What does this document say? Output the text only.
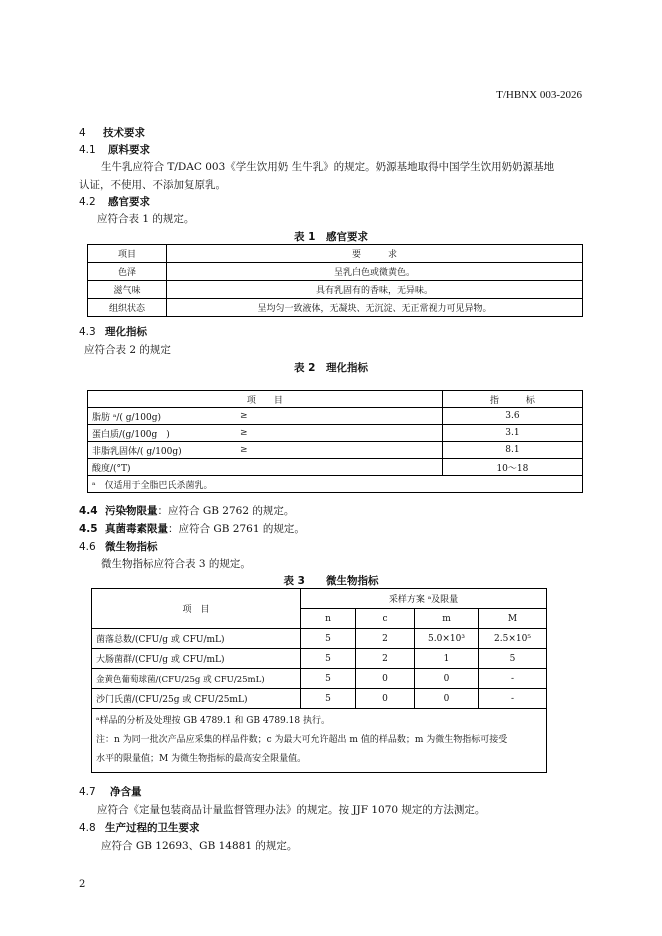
T/HBNX 003-2026
4 技术要求
4.1 原料要求
生牛乳应符合 T/DAC 003《学生饮用奶 生牛乳》的规定。奶源基地取得中国学生饮用奶奶源基地
认证，不使用、不添加复原乳。
4.2 感官要求
应符合表 1 的规定。
表 1　感官要求
项目	要　　　求
色泽	呈乳白色或微黄色。
滋气味	具有乳固有的香味，无异味。
组织状态	呈均匀一致液体，无凝块、无沉淀、无正常视力可见异物。
4.3 理化指标
应符合表 2 的规定
表 2　理化指标
项　　目		指　　　标
脂肪 ᵃ/( g/100g)	≥	3.6
蛋白质/(g/100g　)	≥	3.1
非脂乳固体/( g/100g)	≥	8.1
酸度/(°T)		10～18
ᵃ　仅适用于全脂巴氏杀菌乳。		
4.4 污染物限量：应符合 GB 2762 的规定。
4.5 真菌毒素限量：应符合 GB 2761 的规定。
4.6 微生物指标
微生物指标应符合表 3 的规定。
表 3　　微生物指标
项　目	采样方案 ᵃ及限量			
	n	c	m	M
菌落总数/(CFU/g 或 CFU/mL)	5	2	5.0×10³	2.5×10⁵
大肠菌群/(CFU/g 或 CFU/mL)	5	2	1	5
金黄色葡萄球菌/(CFU/25g 或 CFU/25mL)	5	0	0	-
沙门氏菌/(CFU/25g 或 CFU/25mL)	5	0	0	-

ᵃ样品的分析及处理按 GB 4789.1 和 GB 4789.18 执行。
注：n 为同一批次产品应采集的样品件数；c 为最大可允许超出 m 值的样品数；m 为微生物指标可接受
水平的限量值；M 为微生物指标的最高安全限量值。				
4.7 净含量
应符合《定量包装商品计量监督管理办法》的规定。按 JJF 1070 规定的方法测定。
4.8 生产过程的卫生要求
应符合 GB 12693、GB 14881 的规定。
2
